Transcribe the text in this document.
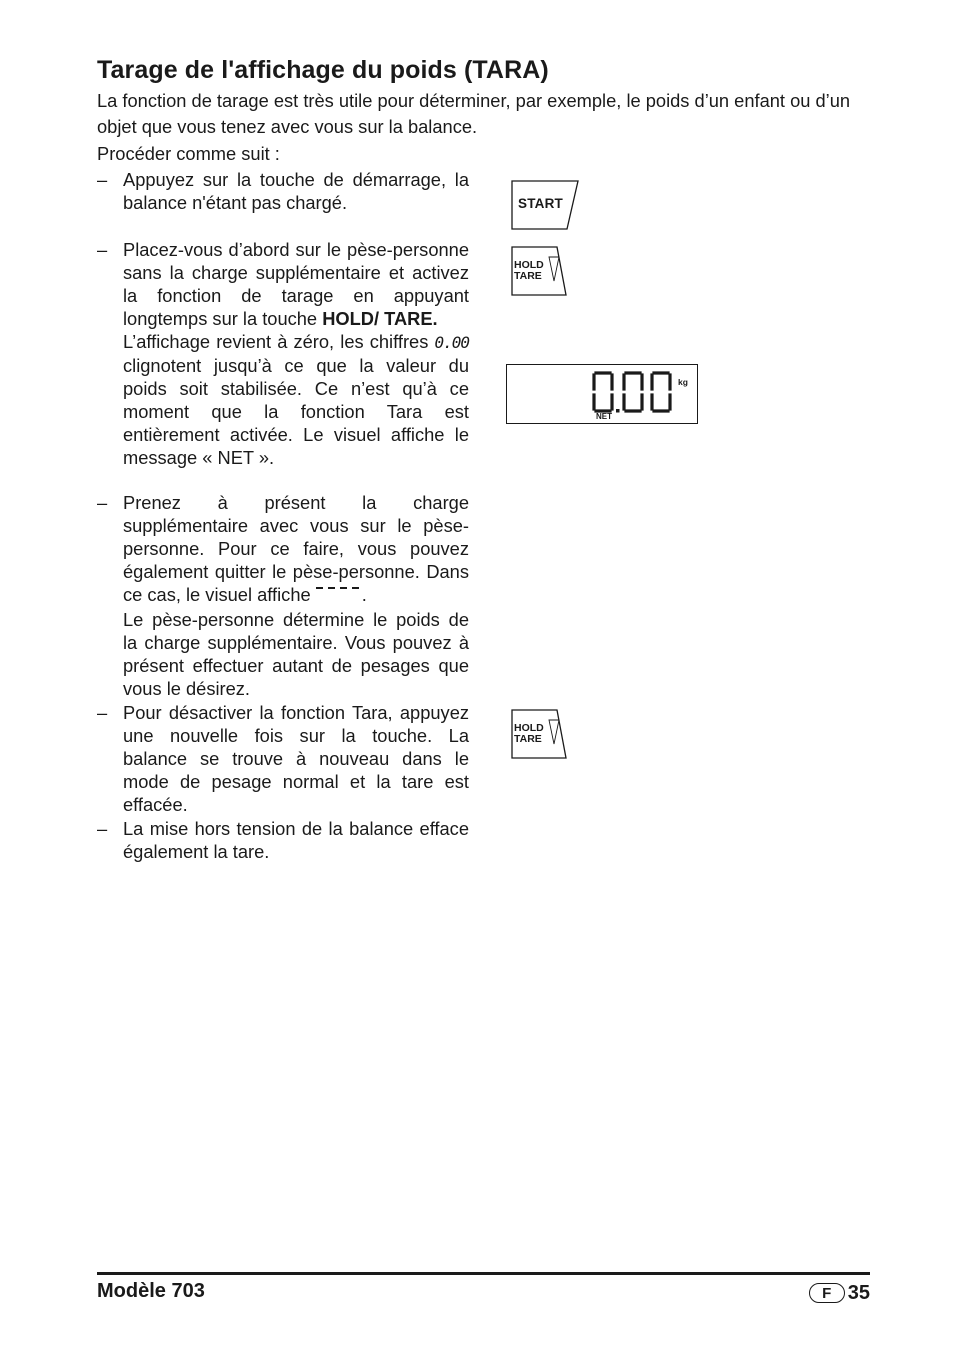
Tarage de l'affichage du poids (TARA)

La fonction de tarage est très utile pour déterminer, par exemple, le poids d’un enfant ou d’un objet que vous tenez avec vous sur la balance.

Procéder comme suit :

– Appuyez sur la touche de démarrage, la balance n'étant pas chargé.

– Placez-vous d’abord sur le pèse-personne sans la charge supplémentaire et activez la fonction de tarage en appuyant longtemps sur la touche HOLD/ TARE.

L’affichage revient à zéro, les chiffres 0.00 clignotent jusqu’à ce que la valeur du poids soit stabilisée. Ce n’est qu’à ce moment que la fonction Tara est entièrement activée. Le visuel affiche le message « NET ».

– Prenez à présent la charge supplémentaire avec vous sur le pèse-personne. Pour ce faire, vous pouvez également quitter le pèse-personne. Dans ce cas, le visuel affiche	.

Le pèse-personne détermine le poids de la charge supplémentaire. Vous pouvez à présent effectuer autant de pesages que vous le désirez.

– Pour désactiver la fonction Tara, appuyez une nouvelle fois sur la touche. La balance se trouve à nouveau dans le mode de pesage normal et la tare est effacée.

– La mise hors tension de la balance efface également la tare.

START
HOLD
TARE
kg
NET
HOLD
TARE
Modèle 703	F 35
